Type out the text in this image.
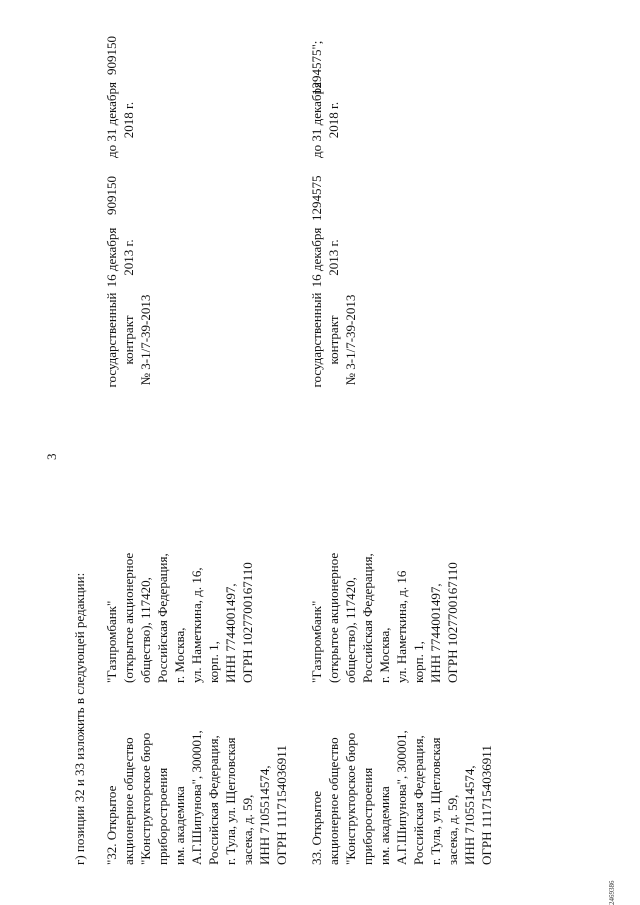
3
г) позиции 32 и 33 изложить в следующей редакции: "32. Открытое
акционерное общество
"Конструкторское бюро
приборостроения
им. академика
А.Г.Шипунова", 300001,
Российская Федерация,
г. Тула, ул. Щегловская
засека, д. 59,
ИНН 7105514574,
ОГРН 1117154036911
"Газпромбанк"
(открытое акционерное
общество), 117420,
Российская Федерация,
г. Москва,
ул. Наметкина, д. 16,
корп. 1,
ИНН 7744001497,
ОГРН 1027700167110
государственный
контракт
№ 3-1/7-39-2013
16 декабря
2013 г.
909150
до 31 декабря
2018 г.
909150
33. Открытое
акционерное общество
"Конструкторское бюро
приборостроения
им. академика
А.Г.Шипунова", 300001,
Российская Федерация,
г. Тула, ул. Щегловская
засека, д. 59,
ИНН 7105514574,
ОГРН 1117154036911
"Газпромбанк"
(открытое акционерное
общество), 117420,
Российская Федерация,
г. Москва,
ул. Наметкина, д. 16
корп. 1,
ИНН 7744001497,
ОГРН 1027700167110
государственный
контракт
№ 3-1/7-39-2013
16 декабря
2013 г.
1294575
до 31 декабря
2018 г.
1294575";
2469386
